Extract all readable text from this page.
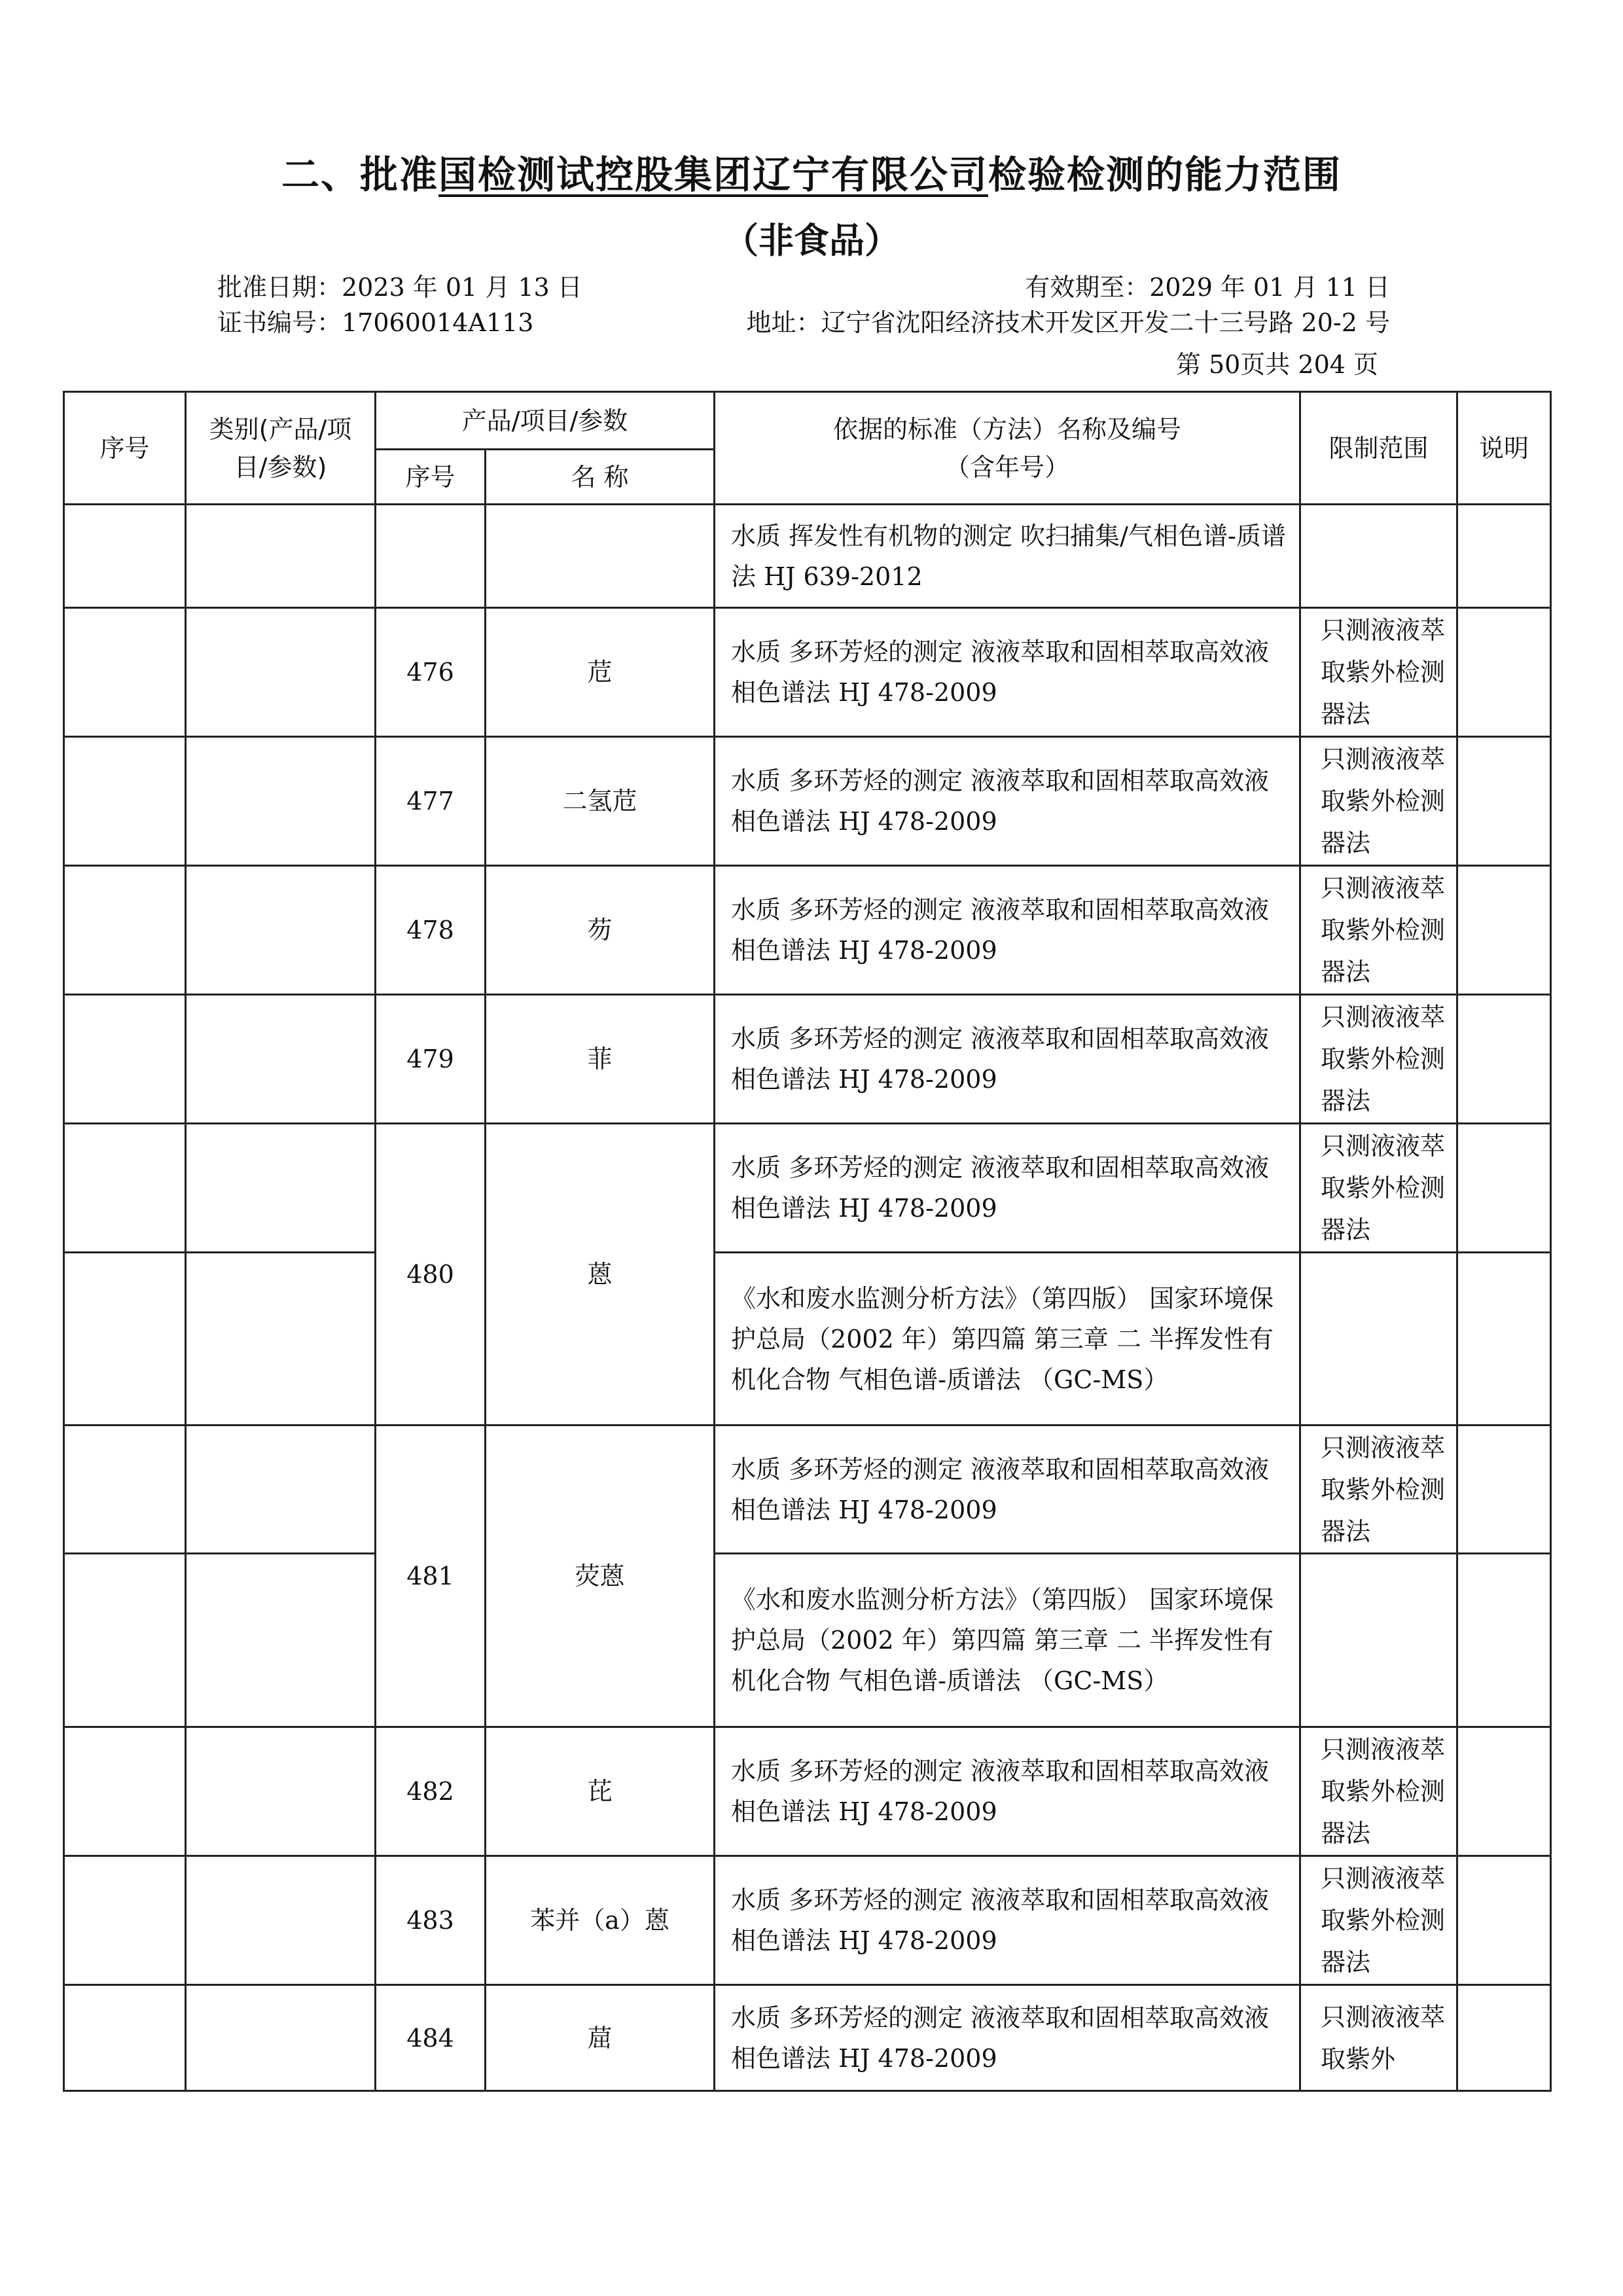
二、批准国检测试控股集团辽宁有限公司检验检测的能力范围
（非食品）
批准日期：2023 年 01 月 13 日	有效期至：2029 年 01 月 11 日
证书编号：17060014A113	地址：辽宁省沈阳经济技术开发区开发二十三号路 20-2 号
第 50页共 204 页
序号	类别(产品/项目/参数)	产品/项目/参数		依据的标准（方法）名称及编号（含年号）	限制范围	说明
		序号	名 称			
				水质 挥发性有机物的测定 吹扫捕集/气相色谱-质谱法 HJ 639-2012		
		476	苊	水质 多环芳烃的测定 液液萃取和固相萃取高效液相色谱法 HJ 478-2009	只测液液萃取紫外检测器法	
		477	二氢苊	水质 多环芳烃的测定 液液萃取和固相萃取高效液相色谱法 HJ 478-2009	只测液液萃取紫外检测器法	
		478	芴	水质 多环芳烃的测定 液液萃取和固相萃取高效液相色谱法 HJ 478-2009	只测液液萃取紫外检测器法	
		479	菲	水质 多环芳烃的测定 液液萃取和固相萃取高效液相色谱法 HJ 478-2009	只测液液萃取紫外检测器法	
		480	蒽	水质 多环芳烃的测定 液液萃取和固相萃取高效液相色谱法 HJ 478-2009	只测液液萃取紫外检测器法	
				《水和废水监测分析方法》（第四版） 国家环境保护总局（2002 年）第四篇 第三章 二 半挥发性有机化合物 气相色谱-质谱法 （GC-MS）		
		481	荧蒽	水质 多环芳烃的测定 液液萃取和固相萃取高效液相色谱法 HJ 478-2009	只测液液萃取紫外检测器法	
				《水和废水监测分析方法》（第四版） 国家环境保护总局（2002 年）第四篇 第三章 二 半挥发性有机化合物 气相色谱-质谱法 （GC-MS）		
		482	芘	水质 多环芳烃的测定 液液萃取和固相萃取高效液相色谱法 HJ 478-2009	只测液液萃取紫外检测器法	
		483	苯并（a）蒽	水质 多环芳烃的测定 液液萃取和固相萃取高效液相色谱法 HJ 478-2009	只测液液萃取紫外检测器法	
		484	䓛	水质 多环芳烃的测定 液液萃取和固相萃取高效液相色谱法 HJ 478-2009	只测液液萃取紫外	
